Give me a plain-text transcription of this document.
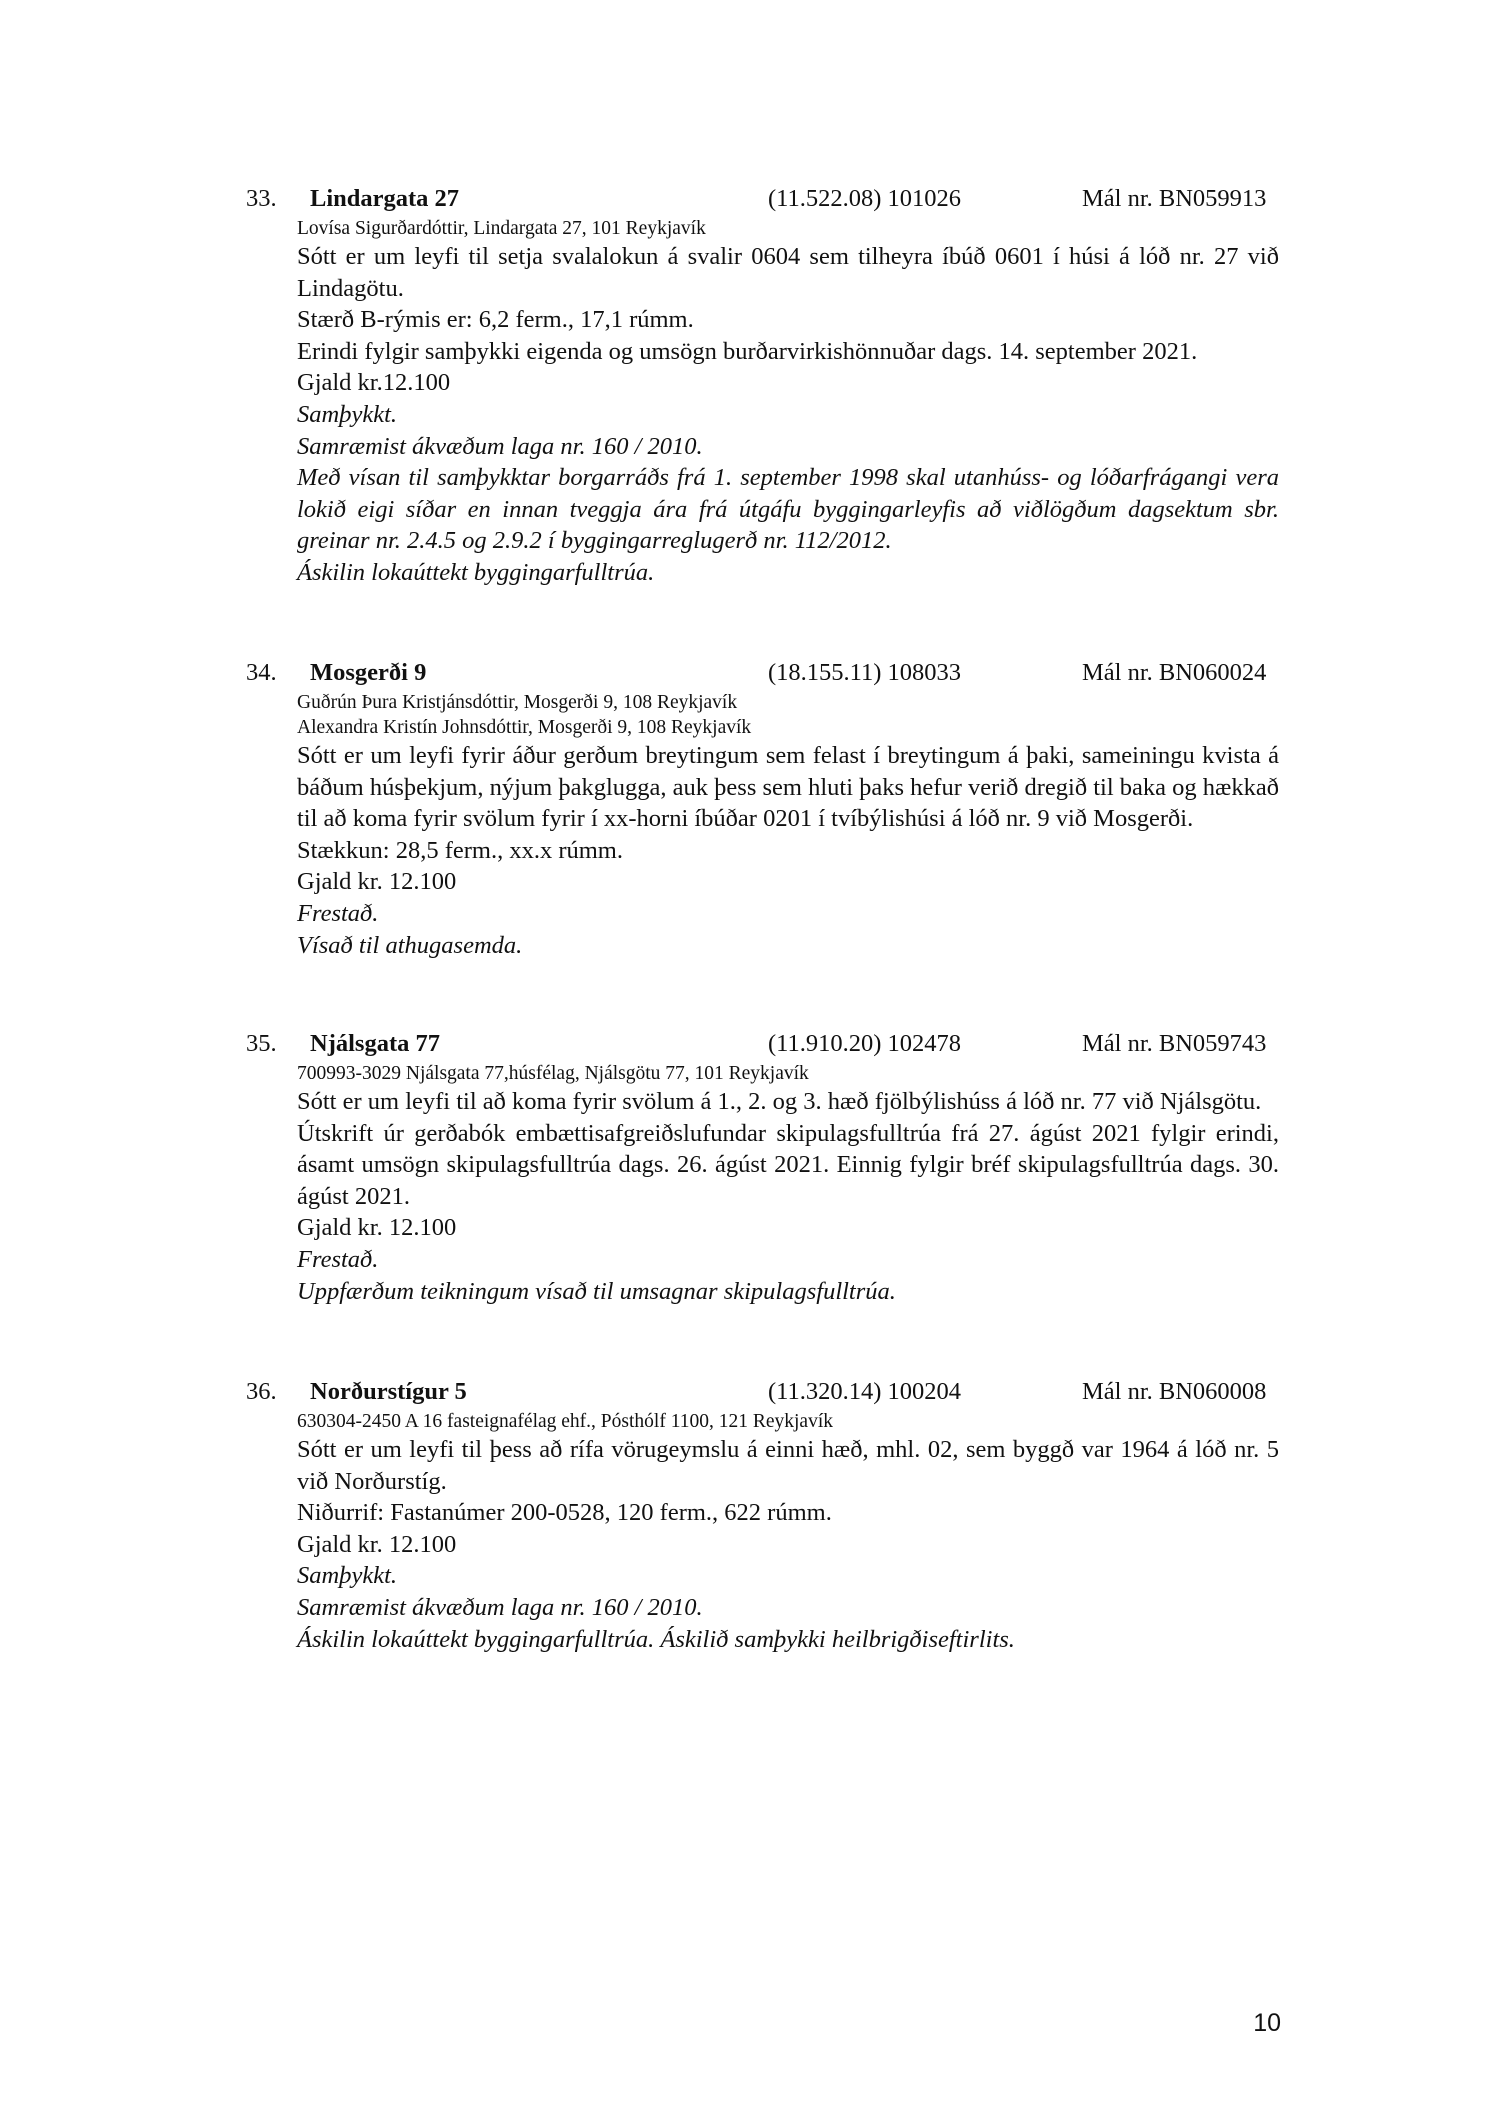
33. Lindargata 27	(11.522.08) 101026	Mál nr. BN059913
Lovísa Sigurðardóttir, Lindargata 27, 101 Reykjavík
Sótt er um leyfi til setja svalalokun á svalir 0604 sem tilheyra íbúð 0601 í húsi á lóð nr. 27 við Lindagötu.
Stærð B-rýmis er: 6,2 ferm., 17,1 rúmm.
Erindi fylgir samþykki eigenda og umsögn burðarvirkishönnuðar dags. 14. september 2021.
Gjald kr.12.100
Samþykkt.
Samræmist ákvæðum laga nr. 160 / 2010.
Með vísan til samþykktar borgarráðs frá 1. september 1998 skal utanhúss- og lóðarfrágangi vera lokið eigi síðar en innan tveggja ára frá útgáfu byggingarleyfis að viðlögðum dagsektum sbr. greinar nr. 2.4.5 og 2.9.2 í byggingarreglugerð nr. 112/2012.
Áskilin lokaúttekt byggingarfulltrúa.
34. Mosgerði 9	(18.155.11) 108033	Mál nr. BN060024
Guðrún Þura Kristjánsdóttir, Mosgerði 9, 108 Reykjavík
Alexandra Kristín Johnsdóttir, Mosgerði 9, 108 Reykjavík
Sótt er um leyfi fyrir áður gerðum breytingum sem felast í breytingum á þaki, sameiningu kvista á báðum húsþekjum, nýjum þakglugga, auk þess sem hluti þaks hefur verið dregið til baka og hækkað til að koma fyrir svölum fyrir í xx-horni íbúðar 0201 í tvíbýlishúsi á lóð nr. 9 við Mosgerði.
Stækkun: 28,5 ferm., xx.x rúmm.
Gjald kr. 12.100
Frestað.
Vísað til athugasemda.
35. Njálsgata 77	(11.910.20) 102478	Mál nr. BN059743
700993-3029 Njálsgata 77,húsfélag, Njálsgötu 77, 101 Reykjavík
Sótt er um leyfi til að koma fyrir svölum á 1., 2. og 3. hæð fjölbýlishúss á lóð nr. 77 við Njálsgötu.
Útskrift úr gerðabók embættisafgreiðslufundar skipulagsfulltrúa frá 27. ágúst 2021 fylgir erindi, ásamt umsögn skipulagsfulltrúa dags. 26. ágúst 2021. Einnig fylgir bréf skipulagsfulltrúa dags. 30. ágúst 2021.
Gjald kr. 12.100
Frestað.
Uppfærðum teikningum vísað til umsagnar skipulagsfulltrúa.
36. Norðurstígur 5	(11.320.14) 100204	Mál nr. BN060008
630304-2450 A 16 fasteignafélag ehf., Pósthólf 1100, 121 Reykjavík
Sótt er um leyfi til þess að rífa vörugeymslu á einni hæð, mhl. 02, sem byggð var 1964 á lóð nr. 5 við Norðurstíg.
Niðurrif: Fastanúmer 200-0528, 120 ferm., 622 rúmm.
Gjald kr. 12.100
Samþykkt.
Samræmist ákvæðum laga nr. 160 / 2010.
Áskilin lokaúttekt byggingarfulltrúa. Áskilið samþykki heilbrigðiseftirlits.
10
